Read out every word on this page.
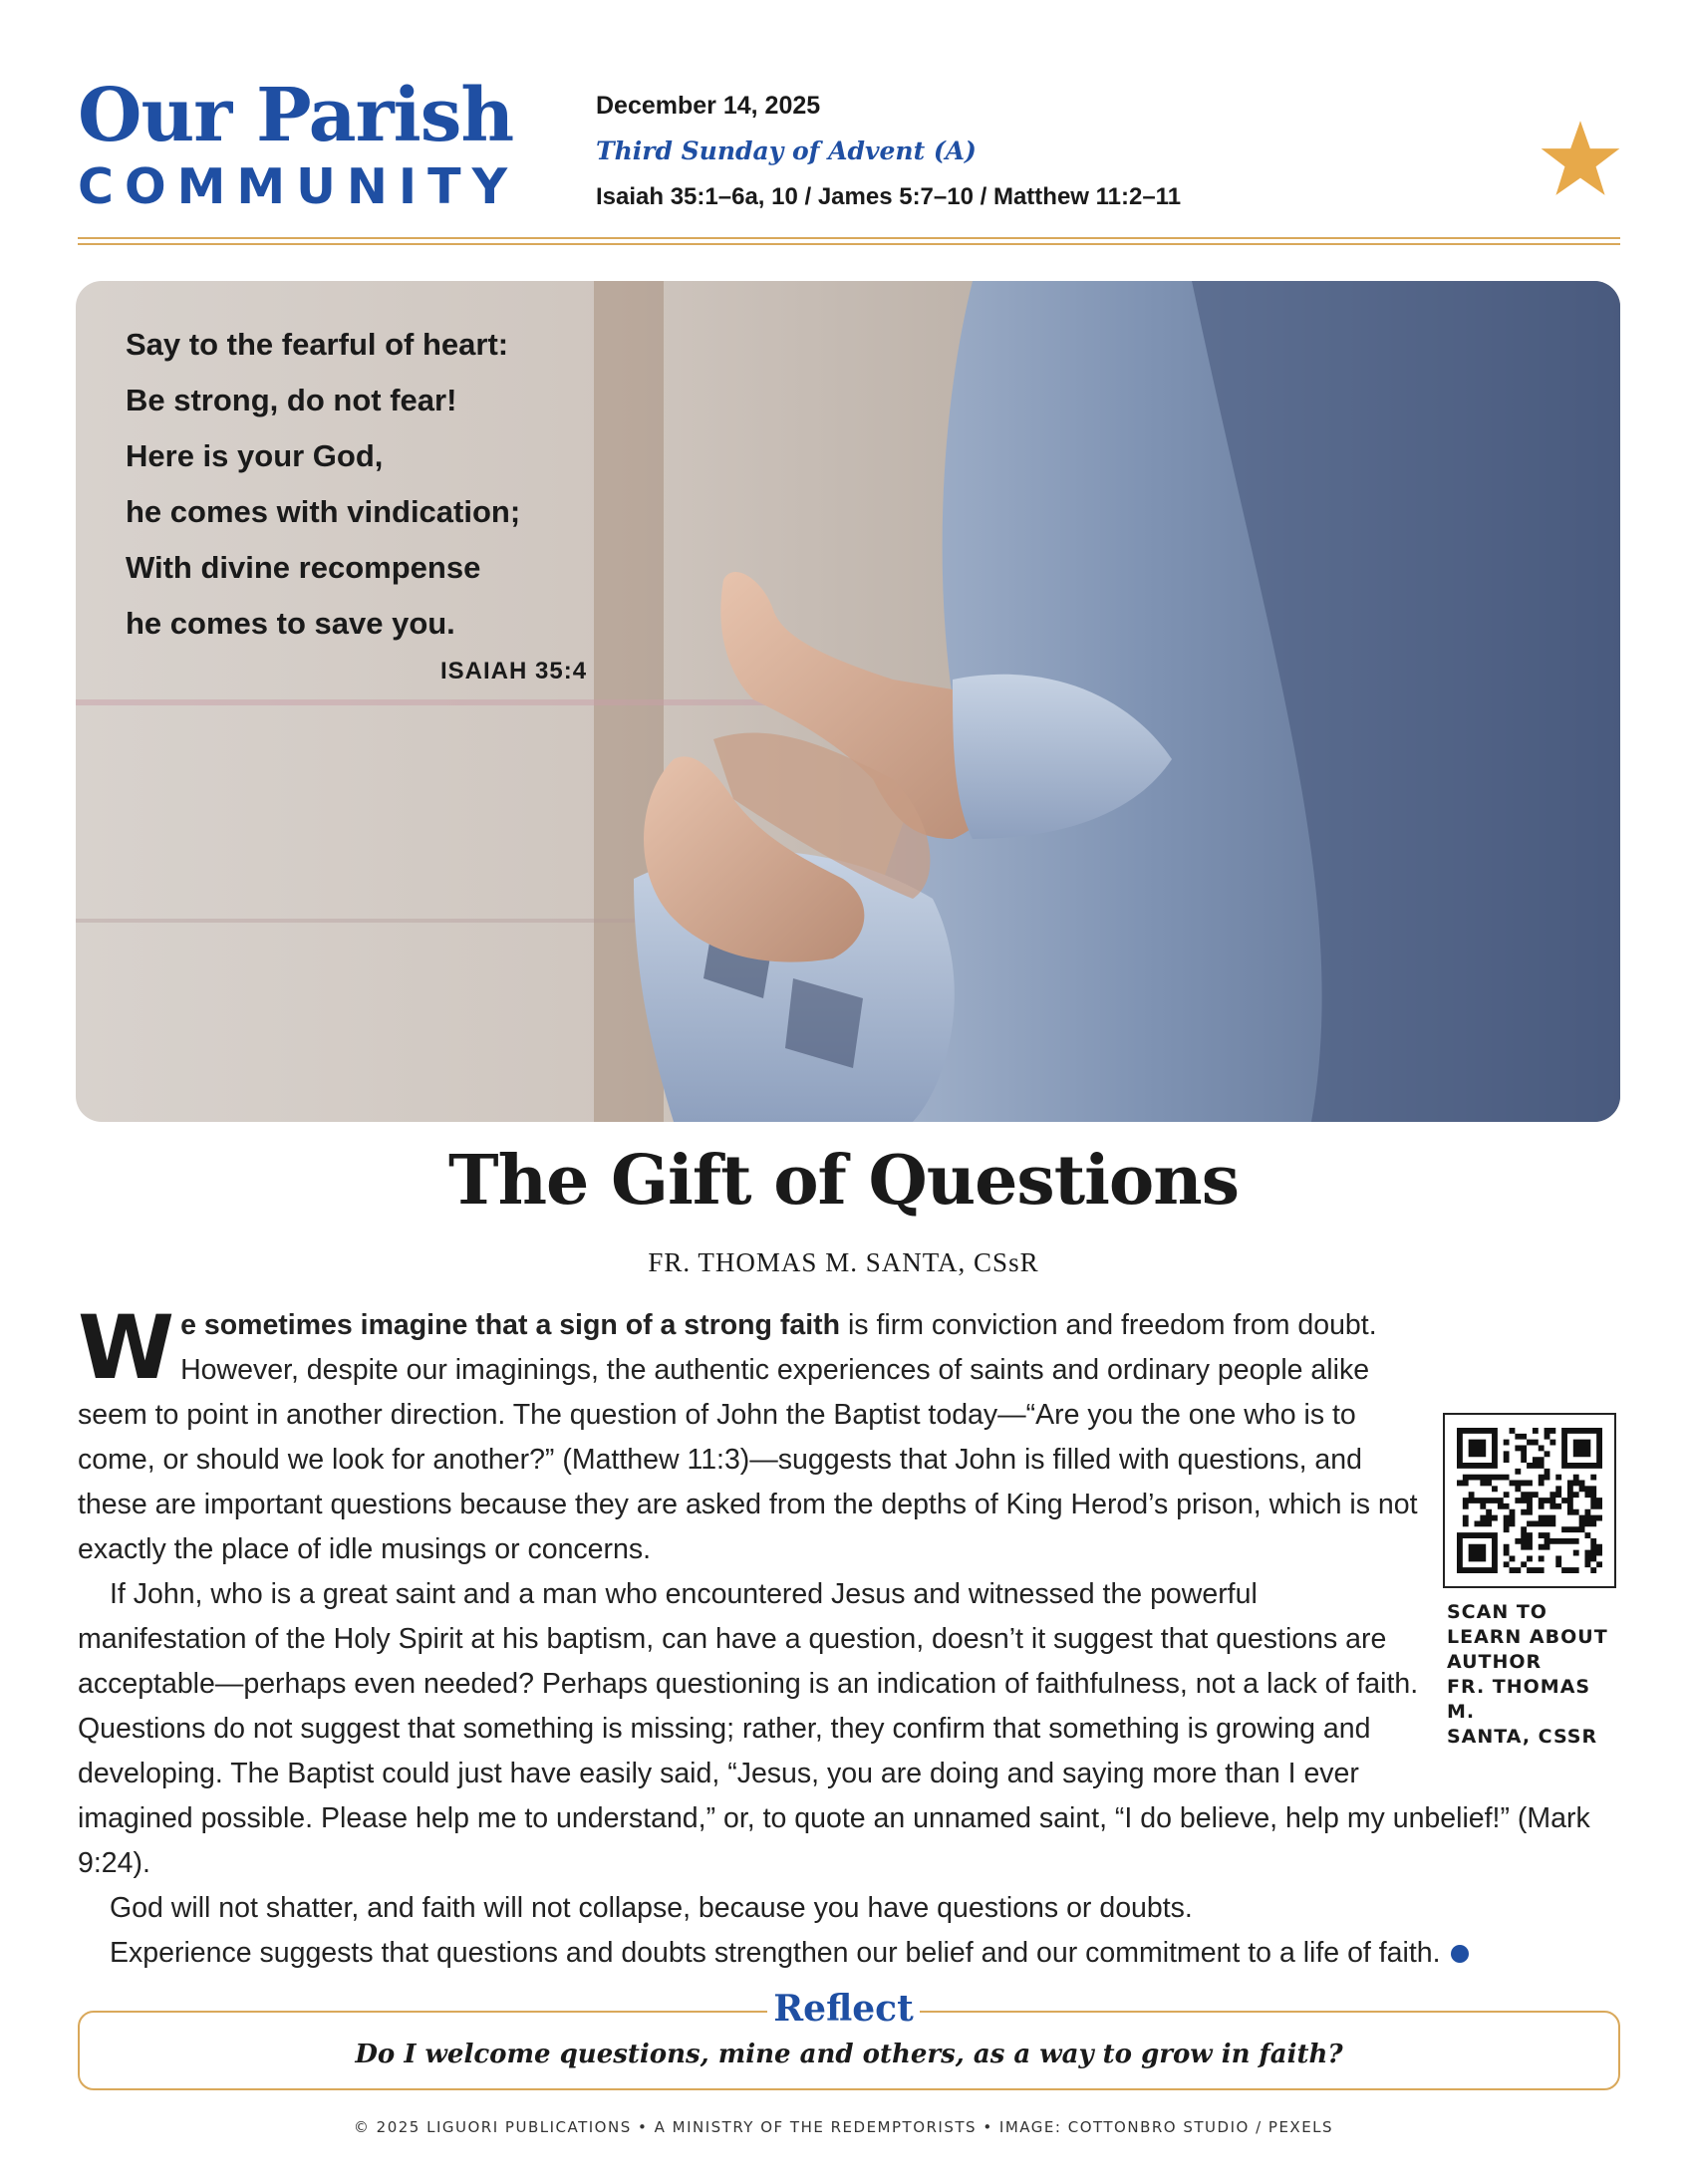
Our Parish
COMMUNITY
December 14, 2025
Third Sunday of Advent (A)
Isaiah 35:1–6a, 10 / James 5:7–10 / Matthew 11:2–11
Say to the fearful of heart:
Be strong, do not fear!
Here is your God,
he comes with vindication;
With divine recompense
he comes to save you.
ISAIAH 35:4
The Gift of Questions
FR. THOMAS M. SANTA, CSsR
SCAN TO
LEARN ABOUT
AUTHOR
FR. THOMAS M.
SANTA, CSSR

We sometimes imagine that a sign of a strong faith is firm conviction and freedom from doubt. However, despite our imaginings, the authentic experiences of saints and ordinary people alike seem to point in another direction. The question of John the Baptist today—“Are you the one who is to come, or should we look for another?” (Matthew 11:3)—suggests that John is filled with questions, and these are important questions because they are asked from the depths of King Herod’s prison, which is not exactly the place of idle musings or concerns.

If John, who is a great saint and a man who encountered Jesus and witnessed the powerful manifestation of the Holy Spirit at his baptism, can have a question, doesn’t it suggest that questions are acceptable—perhaps even needed? Perhaps questioning is an indication of faithfulness, not a lack of faith. Questions do not suggest that something is missing; rather, they confirm that something is growing and developing. The Baptist could just have easily said, “Jesus, you are doing and saying more than I ever imagined possible. Please help me to understand,” or, to quote an unnamed saint, “I do believe, help my unbelief!” (Mark 9:24).

God will not shatter, and faith will not collapse, because you have questions or doubts.

Experience suggests that questions and doubts strengthen our belief and our commitment to a life of faith.

Reflect
Do I welcome questions, mine and others, as a way to grow in faith?
© 2025 LIGUORI PUBLICATIONS • A MINISTRY OF THE REDEMPTORISTS • IMAGE: COTTONBRO STUDIO / PEXELS
